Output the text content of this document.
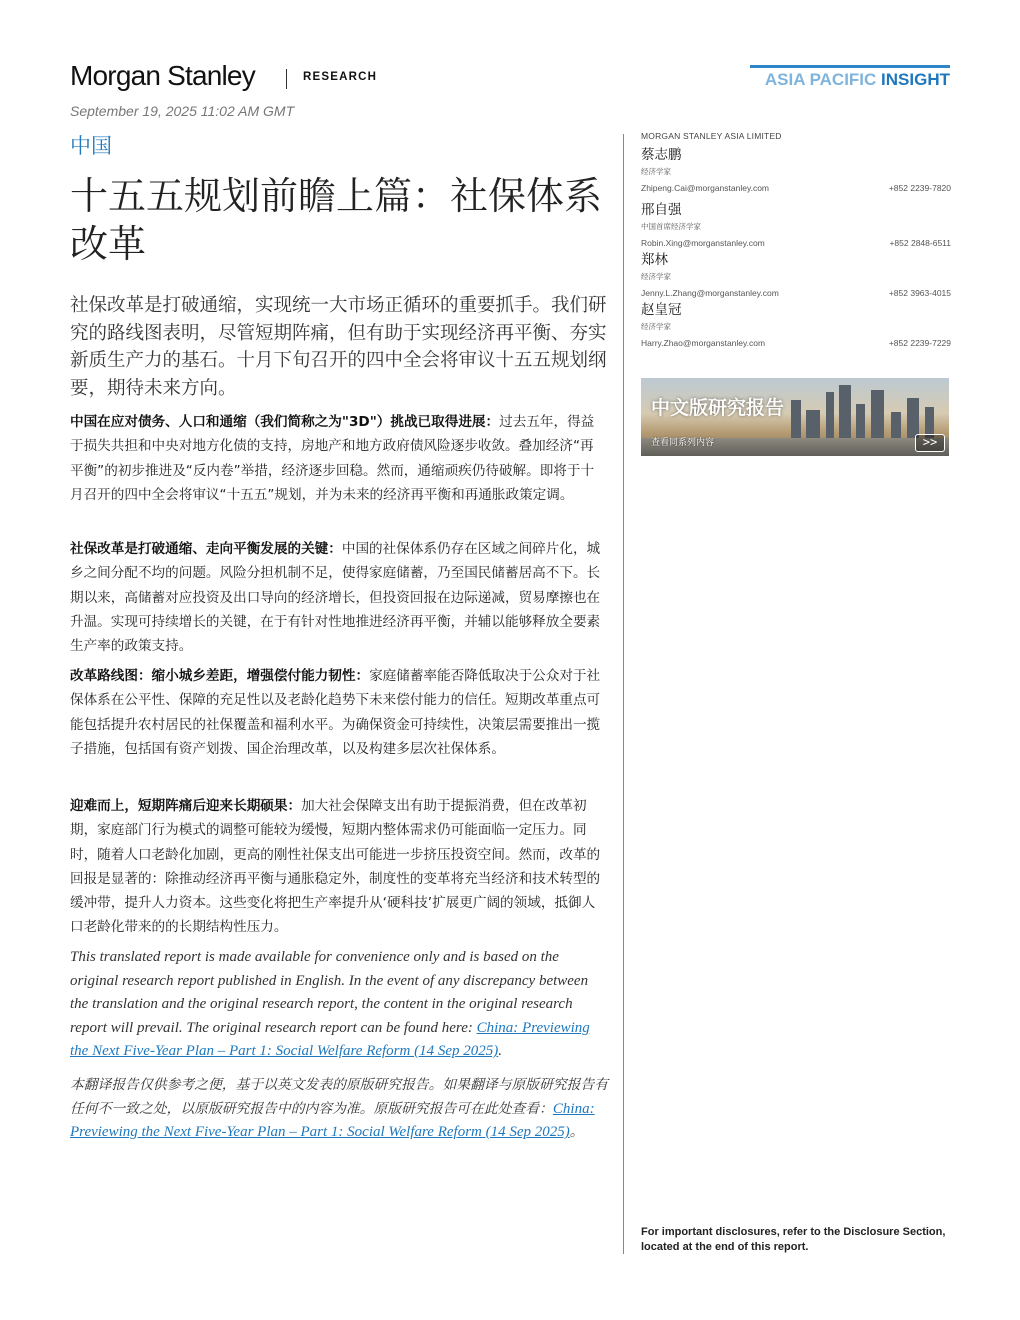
Morgan Stanley	RESEARCH	ASIA PACIFIC INSIGHT
September 19, 2025 11:02 AM GMT
中国
十五五规划前瞻上篇：社保体系改革

社保改革是打破通缩，实现统一大市场正循环的重要抓手。我们研究的路线图表明，尽管短期阵痛，但有助于实现经济再平衡、夯实新质生产力的基石。十月下旬召开的四中全会将审议十五五规划纲要，期待未来方向。

中国在应对债务、人口和通缩（我们简称之为"3D"）挑战已取得进展：过去五年，得益于损失共担和中央对地方化债的支持，房地产和地方政府债风险逐步收敛。叠加经济“再平衡”的初步推进及“反内卷”举措，经济逐步回稳。然而，通缩顽疾仍待破解。即将于十月召开的四中全会将审议“十五五”规划，并为未来的经济再平衡和再通胀政策定调。

社保改革是打破通缩、走向平衡发展的关键：中国的社保体系仍存在区域之间碎片化，城乡之间分配不均的问题。风险分担机制不足，使得家庭储蓄，乃至国民储蓄居高不下。长期以来，高储蓄对应投资及出口导向的经济增长，但投资回报在边际递减，贸易摩擦也在升温。实现可持续增长的关键，在于有针对性地推进经济再平衡，并辅以能够释放全要素生产率的政策支持。

改革路线图：缩小城乡差距，增强偿付能力韧性：家庭储蓄率能否降低取决于公众对于社保体系在公平性、保障的充足性以及老龄化趋势下未来偿付能力的信任。短期改革重点可能包括提升农村居民的社保覆盖和福利水平。为确保资金可持续性，决策层需要推出一揽子措施，包括国有资产划拨、国企治理改革，以及构建多层次社保体系。

迎难而上，短期阵痛后迎来长期硕果：加大社会保障支出有助于提振消费，但在改革初期，家庭部门行为模式的调整可能较为缓慢，短期内整体需求仍可能面临一定压力。同时，随着人口老龄化加剧，更高的刚性社保支出可能进一步挤压投资空间。然而，改革的回报是显著的：除推动经济再平衡与通胀稳定外，制度性的变革将充当经济和技术转型的缓冲带，提升人力资本。这些变化将把生产率提升从‘硬科技’扩展更广阔的领域，抵御人口老龄化带来的的长期结构性压力。

This translated report is made available for convenience only and is based on the original research report published in English. In the event of any discrepancy between the translation and the original research report, the content in the original research report will prevail. The original research report can be found here: China: Previewing the Next Five-Year Plan – Part 1: Social Welfare Reform (14 Sep 2025).

本翻译报告仅供参考之便，基于以英文发表的原版研究报告。如果翻译与原版研究报告有任何不一致之处，以原版研究报告中的内容为准。原版研究报告可在此处查看：China: Previewing the Next Five-Year Plan – Part 1: Social Welfare Reform (14 Sep 2025)。

MORGAN STANLEY ASIA LIMITED
蔡志鹏
经济学家
Zhipeng.Cai@morganstanley.com	+852 2239-7820
邢自强
中国首席经济学家
Robin.Xing@morganstanley.com	+852 2848-6511
郑林
经济学家
Jenny.L.Zhang@morganstanley.com	+852 3963-4015
赵皇冠
经济学家
Harry.Zhao@morganstanley.com	+852 2239-7229
中文版研究报告
查看同系列内容	>>
For important disclosures, refer to the Disclosure Section, located at the end of this report.
